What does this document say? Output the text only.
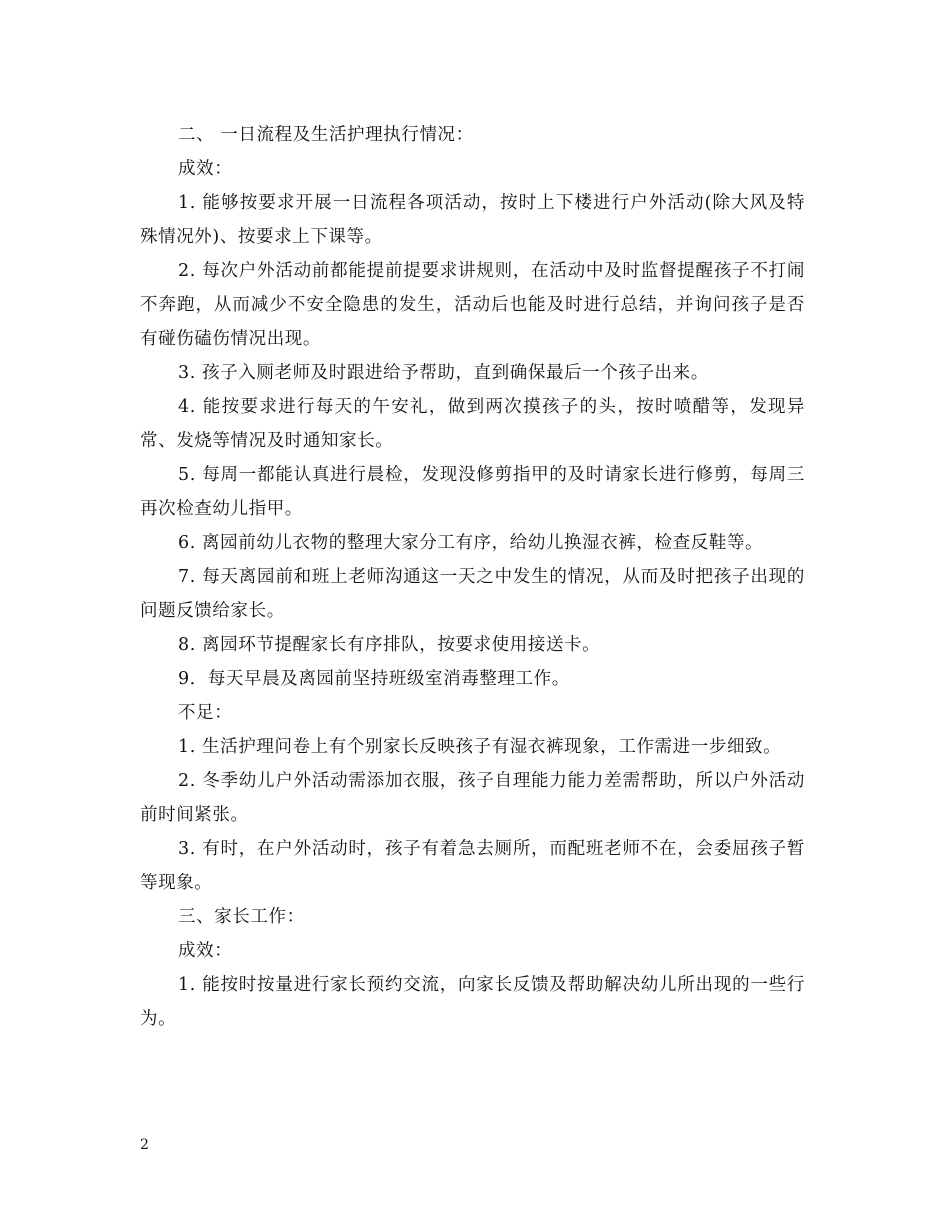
二、 一日流程及生活护理执行情况：

成效：

1. 能够按要求开展一日流程各项活动，按时上下楼进行户外活动(除大风及特殊情况外)、按要求上下课等。

2. 每次户外活动前都能提前提要求讲规则，在活动中及时监督提醒孩子不打闹不奔跑，从而减少不安全隐患的发生，活动后也能及时进行总结，并询问孩子是否有碰伤磕伤情况出现。

3. 孩子入厕老师及时跟进给予帮助，直到确保最后一个孩子出来。

4. 能按要求进行每天的午安礼，做到两次摸孩子的头，按时喷醋等，发现异常、发烧等情况及时通知家长。

5. 每周一都能认真进行晨检，发现没修剪指甲的及时请家长进行修剪，每周三再次检查幼儿指甲。

6. 离园前幼儿衣物的整理大家分工有序，给幼儿换湿衣裤，检查反鞋等。

7. 每天离园前和班上老师沟通这一天之中发生的情况，从而及时把孩子出现的问题反馈给家长。

8. 离园环节提醒家长有序排队，按要求使用接送卡。

9．每天早晨及离园前坚持班级室消毒整理工作。

不足：

1. 生活护理问卷上有个别家长反映孩子有湿衣裤现象，工作需进一步细致。

2. 冬季幼儿户外活动需添加衣服，孩子自理能力能力差需帮助，所以户外活动前时间紧张。

3. 有时，在户外活动时，孩子有着急去厕所，而配班老师不在，会委屈孩子暂等现象。

三、家长工作：

成效：

1. 能按时按量进行家长预约交流，向家长反馈及帮助解决幼儿所出现的一些行为。

2
